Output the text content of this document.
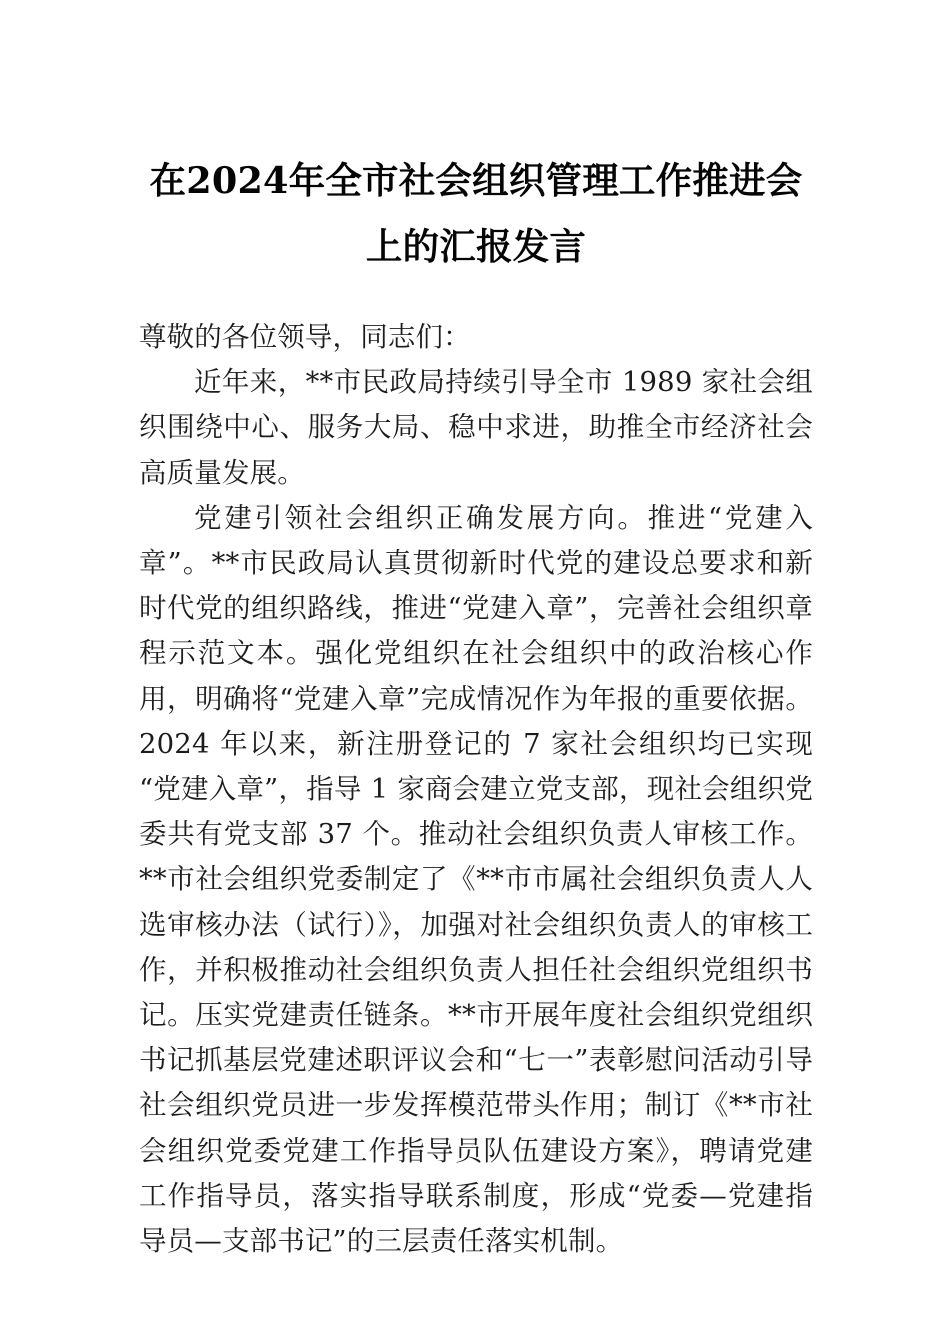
在2024年全市社会组织管理工作推进会上的汇报发言

尊敬的各位领导，同志们：

近年来，**市民政局持续引导全市 1989 家社会组织围绕中心、服务大局、稳中求进，助推全市经济社会高质量发展。

党建引领社会组织正确发展方向。推进“党建入章”。**市民政局认真贯彻新时代党的建设总要求和新时代党的组织路线，推进“党建入章”，完善社会组织章程示范文本。强化党组织在社会组织中的政治核心作用，明确将“党建入章”完成情况作为年报的重要依据。2024 年以来，新注册登记的 7 家社会组织均已实现“党建入章”，指导 1 家商会建立党支部，现社会组织党委共有党支部 37 个。推动社会组织负责人审核工作。**市社会组织党委制定了《**市市属社会组织负责人人选审核办法（试行）》，加强对社会组织负责人的审核工作，并积极推动社会组织负责人担任社会组织党组织书记。压实党建责任链条。**市开展年度社会组织党组织书记抓基层党建述职评议会和“七一”表彰慰问活动引导社会组织党员进一步发挥模范带头作用；制订《**市社会组织党委党建工作指导员队伍建设方案》，聘请党建工作指导员，落实指导联系制度，形成“党委—党建指导员—支部书记”的三层责任落实机制。
